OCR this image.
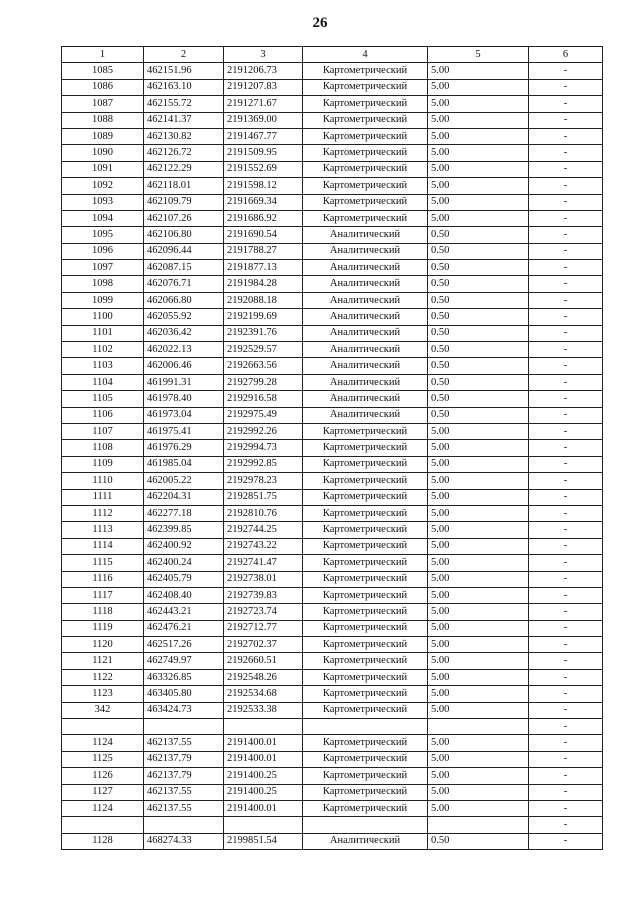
26
1	2	3	4	5	6
1085	462151.96	2191206.73	Картометрический	5.00	-
1086	462163.10	2191207.83	Картометрический	5.00	-
1087	462155.72	2191271.67	Картометрический	5.00	-
1088	462141.37	2191369.00	Картометрический	5.00	-
1089	462130.82	2191467.77	Картометрический	5.00	-
1090	462126.72	2191509.95	Картометрический	5.00	-
1091	462122.29	2191552.69	Картометрический	5.00	-
1092	462118.01	2191598.12	Картометрический	5.00	-
1093	462109.79	2191669.34	Картометрический	5.00	-
1094	462107.26	2191686.92	Картометрический	5.00	-
1095	462106.80	2191690.54	Аналитический	0.50	-
1096	462096.44	2191788.27	Аналитический	0.50	-
1097	462087.15	2191877.13	Аналитический	0.50	-
1098	462076.71	2191984.28	Аналитический	0.50	-
1099	462066.80	2192088.18	Аналитический	0.50	-
1100	462055.92	2192199.69	Аналитический	0.50	-
1101	462036.42	2192391.76	Аналитический	0.50	-
1102	462022.13	2192529.57	Аналитический	0.50	-
1103	462006.46	2192663.56	Аналитический	0.50	-
1104	461991.31	2192799.28	Аналитический	0.50	-
1105	461978.40	2192916.58	Аналитический	0.50	-
1106	461973.04	2192975.49	Аналитический	0.50	-
1107	461975.41	2192992.26	Картометрический	5.00	-
1108	461976.29	2192994.73	Картометрический	5.00	-
1109	461985.04	2192992.85	Картометрический	5.00	-
1110	462005.22	2192978.23	Картометрический	5.00	-
1111	462204.31	2192851.75	Картометрический	5.00	-
1112	462277.18	2192810.76	Картометрический	5.00	-
1113	462399.85	2192744.25	Картометрический	5.00	-
1114	462400.92	2192743.22	Картометрический	5.00	-
1115	462400.24	2192741.47	Картометрический	5.00	-
1116	462405.79	2192738.01	Картометрический	5.00	-
1117	462408.40	2192739.83	Картометрический	5.00	-
1118	462443.21	2192723.74	Картометрический	5.00	-
1119	462476.21	2192712.77	Картометрический	5.00	-
1120	462517.26	2192702.37	Картометрический	5.00	-
1121	462749.97	2192660.51	Картометрический	5.00	-
1122	463326.85	2192548.26	Картометрический	5.00	-
1123	463405.80	2192534.68	Картометрический	5.00	-
342	463424.73	2192533.38	Картометрический	5.00	-
					-
1124	462137.55	2191400.01	Картометрический	5.00	-
1125	462137.79	2191400.01	Картометрический	5.00	-
1126	462137.79	2191400.25	Картометрический	5.00	-
1127	462137.55	2191400.25	Картометрический	5.00	-
1124	462137.55	2191400.01	Картометрический	5.00	-
					-
1128	468274.33	2199851.54	Аналитический	0.50	-
